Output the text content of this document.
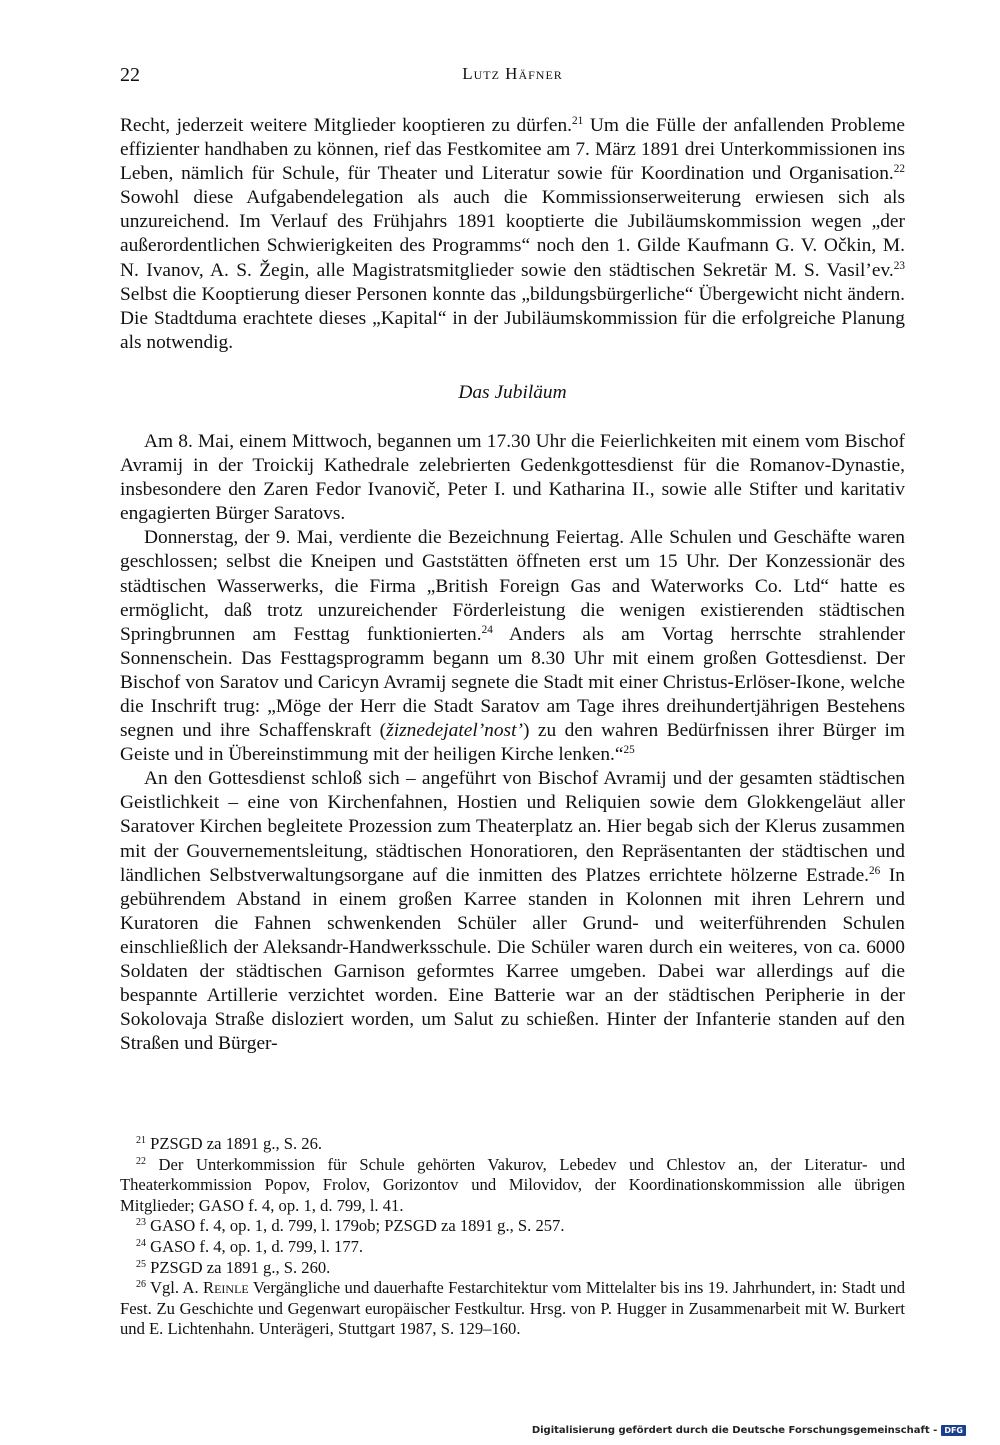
22	Lutz Häfner

Recht, jederzeit weitere Mitglieder kooptieren zu dürfen.$^{21}$ Um die Fülle der anfallenden Probleme effizienter handhaben zu können, rief das Festkomitee am 7. März 1891 drei Unterkommissionen ins Leben, nämlich für Schule, für Theater und Literatur sowie für Koordination und Organisation.$^{22}$ Sowohl diese Aufgabendelegation als auch die Kommissionserweiterung erwiesen sich als unzureichend. Im Verlauf des Frühjahrs 1891 kooptierte die Jubiläumskommission wegen „der außerordentlichen Schwierigkeiten des Programms“ noch den 1. Gilde Kaufmann G. V. Očkin, M. N. Ivanov, A. S. Žegin, alle Magistratsmitglieder sowie den städtischen Sekretär M. S. Vasil’ev.$^{23}$ Selbst die Kooptierung dieser Personen konnte das „bildungsbürgerliche“ Übergewicht nicht ändern. Die Stadtduma erachtete dieses „Kapital“ in der Jubiläumskommission für die erfolgreiche Planung als notwendig.

Das Jubiläum

Am 8. Mai, einem Mittwoch, begannen um 17.30 Uhr die Feierlichkeiten mit einem vom Bischof Avramij in der Troickij Kathedrale zelebrierten Gedenkgottesdienst für die Romanov-Dynastie, insbesondere den Zaren Fedor Ivanovič, Peter I. und Katharina II., sowie alle Stifter und karitativ engagierten Bürger Saratovs.

Donnerstag, der 9. Mai, verdiente die Bezeichnung Feiertag. Alle Schulen und Geschäfte waren geschlossen; selbst die Kneipen und Gaststätten öffneten erst um 15 Uhr. Der Konzessionär des städtischen Wasserwerks, die Firma „British Foreign Gas and Waterworks Co. Ltd“ hatte es ermöglicht, daß trotz unzureichender Förderleistung die wenigen existierenden städtischen Springbrunnen am Festtag funktionierten.$^{24}$ Anders als am Vortag herrschte strahlender Sonnenschein. Das Festtagsprogramm begann um 8.30 Uhr mit einem großen Gottesdienst. Der Bischof von Saratov und Caricyn Avramij segnete die Stadt mit einer Christus-Erlöser-Ikone, welche die Inschrift trug: „Möge der Herr die Stadt Saratov am Tage ihres dreihundertjährigen Bestehens segnen und ihre Schaffenskraft (žiznedejatel’nost’) zu den wahren Bedürfnissen ihrer Bürger im Geiste und in Übereinstimmung mit der heiligen Kirche lenken.“$^{25}$

An den Gottesdienst schloß sich – angeführt von Bischof Avramij und der gesamten städtischen Geistlichkeit – eine von Kirchenfahnen, Hostien und Reliquien sowie dem Glokkengeläut aller Saratover Kirchen begleitete Prozession zum Theaterplatz an. Hier begab sich der Klerus zusammen mit der Gouvernementsleitung, städtischen Honoratioren, den Repräsentanten der städtischen und ländlichen Selbstverwaltungsorgane auf die inmitten des Platzes errichtete hölzerne Estrade.$^{26}$ In gebührendem Abstand in einem großen Karree standen in Kolonnen mit ihren Lehrern und Kuratoren die Fahnen schwenkenden Schüler aller Grund- und weiterführenden Schulen einschließlich der Aleksandr-Handwerksschule. Die Schüler waren durch ein weiteres, von ca. 6000 Soldaten der städtischen Garnison geformtes Karree umgeben. Dabei war allerdings auf die bespannte Artillerie verzichtet worden. Eine Batterie war an der städtischen Peripherie in der Sokolovaja Straße disloziert worden, um Salut zu schießen. Hinter der Infanterie standen auf den Straßen und Bürger-

$^{21}$ PZSGD za 1891 g., S. 26.

$^{22}$ Der Unterkommission für Schule gehörten Vakurov, Lebedev und Chlestov an, der Literatur- und Theaterkommission Popov, Frolov, Gorizontov und Milovidov, der Koordinationskommission alle übrigen Mitglieder; GASO f. 4, op. 1, d. 799, l. 41.

$^{23}$ GASO f. 4, op. 1, d. 799, l. 179ob; PZSGD za 1891 g., S. 257.

$^{24}$ GASO f. 4, op. 1, d. 799, l. 177.

$^{25}$ PZSGD za 1891 g., S. 260.

$^{26}$ Vgl. A. Reinle Vergängliche und dauerhafte Festarchitektur vom Mittelalter bis ins 19. Jahrhundert, in: Stadt und Fest. Zu Geschichte und Gegenwart europäischer Festkultur. Hrsg. von P. Hugger in Zusammenarbeit mit W. Burkert und E. Lichtenhahn. Unterägeri, Stuttgart 1987, S. 129–160.

Digitalisierung gefördert durch die Deutsche Forschungsgemeinschaft - DFG
